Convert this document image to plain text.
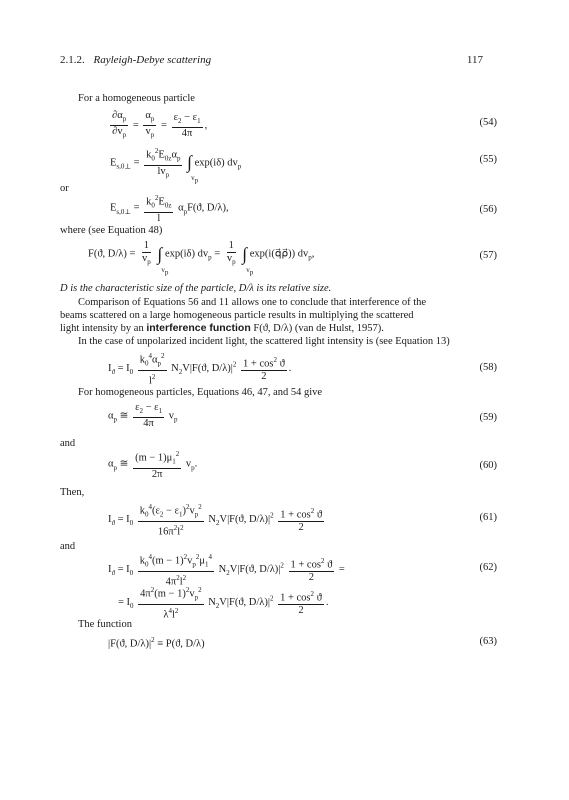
2.1.2. Rayleigh-Debye scattering	117
For a homogeneous particle
$\frac{\partial\alpha_p}{\partial v_p} = \frac{\alpha_p}{v_p} = \frac{\varepsilon_2 - \varepsilon_1}{4\pi}$ ,	(54)
$E_{s,0\perp} = \frac{k_0^2E_{0z}\alpha_p}{lv_p}$ ∫
$v_p$
exp(iδ) $dv_p$
(55)
or
$E_{s,0\perp} = \frac{k_0^2E_{0z}}{l} \alpha_pF(ϑ$, D/λ),	(56)
where (see Equation 48)
F(ϑ, $D/\lambda) = \frac{1}{v_p}$ ∫
$v_p$
exp(iδ) $dv_p = \frac{1}{v_p}$ ∫
$v_p$
exp(i(q⃗ρ⃗)) $dv_p$,	(57)
D is the characteristic size of the particle, D/λ is its relative size.
Comparison of Equations 56 and 11 allows one to conclude that interference of the
beams scattered on a large homogeneous particle results in multiplying the scattered
light intensity by an interference function F(ϑ, D/λ) (van de Hulst, 1957).
In the case of unpolarized incident light, the scattered light intensity is (see Equation 13)
$I_ϑ = I_0 \frac{k_0^4\alpha_p^2}{l^2} N_2V|F(ϑ$, $D/\lambda)|^2 \frac{1 + \cos^2 ϑ}{2}$ .	(58)
For homogeneous particles, Equations 46, 47, and 54 give
$\alpha_p$ ≅ $\frac{\varepsilon_2 - \varepsilon_1}{4\pi} v_p$	(59)
and
$\alpha_p$ ≅ $\frac{(m - 1)\mu_1^2}{2\pi} v_p$.	(60)
Then,
$I_ϑ = I_0 \frac{k_0^4(\varepsilon_2 - \varepsilon_1)^2v_p^2}{16\pi^2l^2} N_2V|F(ϑ$, $D/\lambda)|^2 \frac{1 + \cos^2 ϑ}{2}$	(61)
and
$I_ϑ = I_0 \frac{k_0^4(m - 1)^2v_p^2\mu_1^4}{4\pi^2l^2} N_2V|F(ϑ$, $D/\lambda)|^2 \frac{1 + \cos^2 ϑ}{2}$ =	(62)
= $I_0 \frac{4\pi^2(m - 1)^2v_p^2}{\lambda^4l^2} N_2V|F(ϑ$, $D/\lambda)|^2 \frac{1 + \cos^2 ϑ}{2}$ .
The function
|F(ϑ, $D/\lambda)|^2 \equiv P(ϑ$, D/λ)	(63)
